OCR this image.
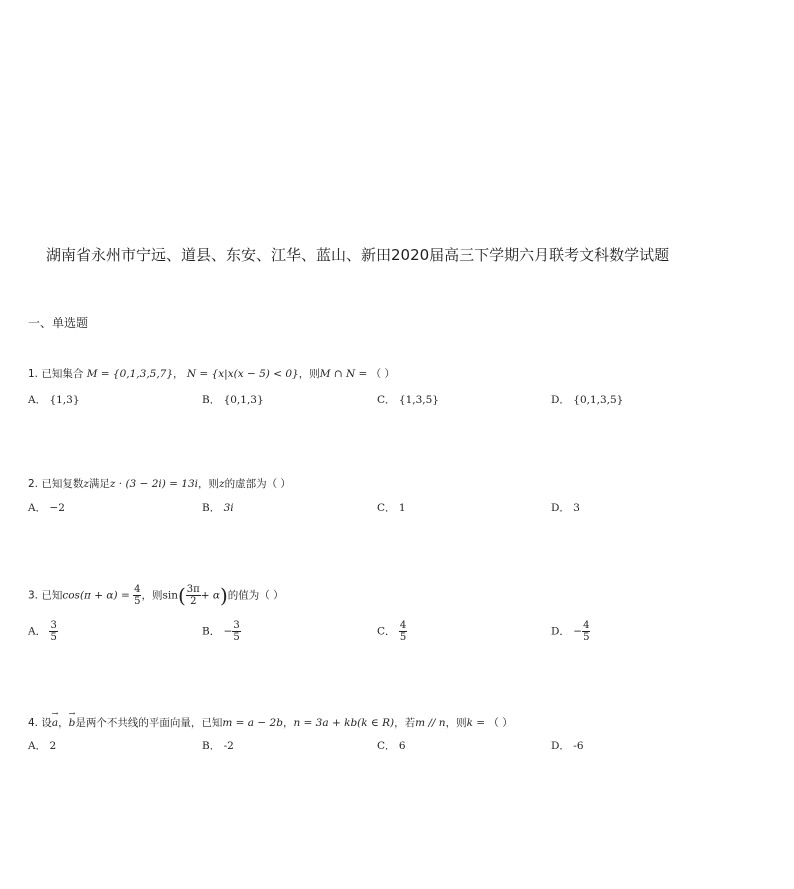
湖南省永州市宁远、道县、东安、江华、蓝山、新田2020届高三下学期六月联考文科数学试题
一、单选题
1. 已知集合 M = {0,1,3,5,7}， N = {x|x(x − 5) < 0}，则M ∩ N = （ ）
A． {1,3}	B． {0,1,3}	C． {1,3,5}	D． {0,1,3,5}
2. 已知复数z满足z · (3 − 2i) = 13i，则z的虚部为（ ）
A． −2	B． 3i	C． 1	D． 3
3. 已知$\cos(\pi + \alpha) = \frac{4}{5}$ ，则$\sin( \frac{3\pi}{2} + \alpha)$的值为（ ）
A． $\frac{3}{5}$	B． − $\frac{3}{5}$	C． $\frac{4}{5}$	D． − $\frac{4}{5}$
4. 设→ a，→ b是两个不共线的平面向量，已知m = a − 2b，n = 3a + kb(k ∈ R)，若m // n，则k = （ ）
A． 2	B． -2	C． 6	D． -6
